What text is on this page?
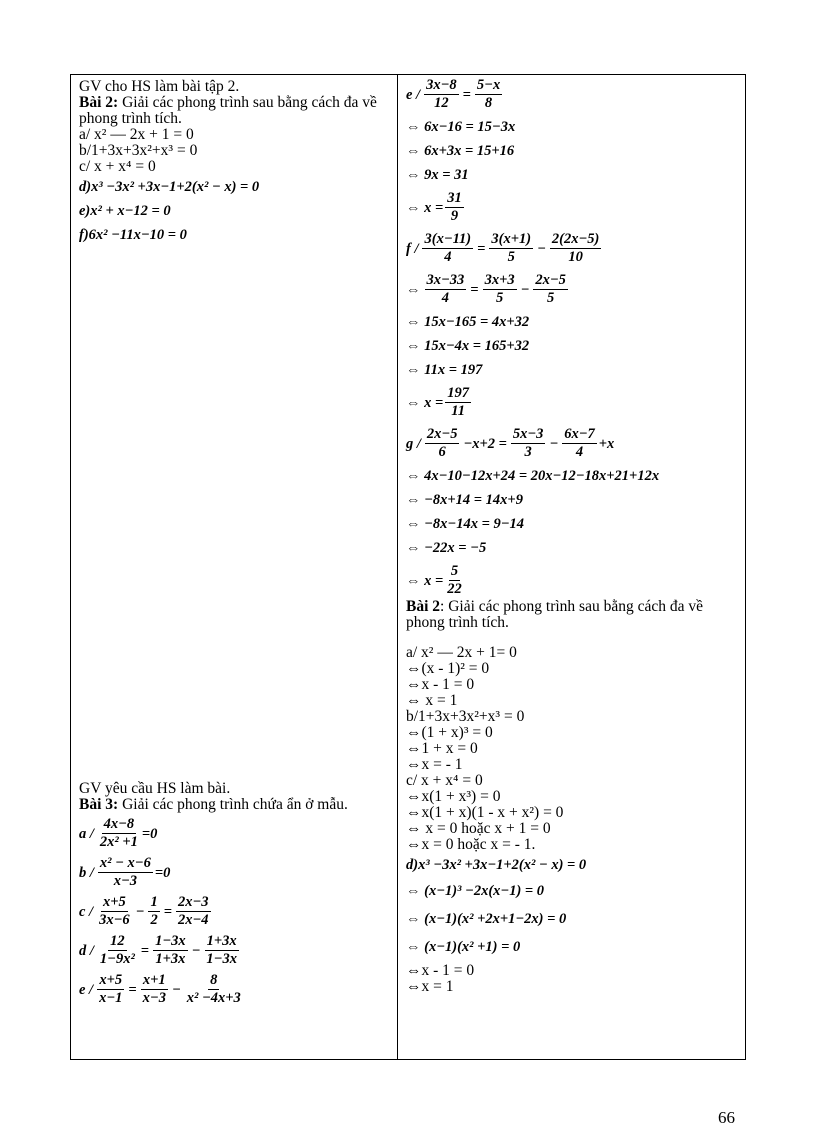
GV cho HS làm bài tập 2.
Bài 2: Giải các phong trình sau bằng cách đa về phong trình tích.
a/ x² — 2x + 1 = 0
b/1+3x+3x²+x³ = 0
c/ x + x⁴ = 0
d)x³ −3x² +3x−1+2(x² − x) = 0
e)x² + x−12 = 0
f)6x² −11x−10 = 0
GV yêu cầu HS làm bài.
Bài 3: Giải các phong trình chứa ẩn ở mẫu.
$a / \frac{4x-8}{\text{2x² +1}} =0$
$b / \frac{\text{x² − x−6}}{x-3} =0$
$c / \frac{x+5}{3x-6} - \frac{1}{2} = \frac{2x-3}{2x-4}$
$d / \frac{12}{\text{1−9x²}} = \frac{1-3x}{1+3x} - \frac{1+3x}{1-3x}$
$e / \frac{x+5}{x-1} = \frac{x+1}{x-3} - \frac{8}{\text{x² −4x+3}}$
$e / \frac{3x-8}{12} = \frac{5-x}{8}$
⇔ 6x−16 = 15−3x
⇔ 6x+3x = 15+16
⇔ 9x = 31
⇔ $x = \frac{31}{9}$
$f / \frac{3(x-11)}{4} = \frac{3(x+1)}{5} - \frac{2(2x-5)}{10}$
⇔ $\frac{3x-33}{4} = \frac{3x+3}{5} - \frac{2x-5}{5}$
⇔ 15x−165 = 4x+32
⇔ 15x−4x = 165+32
⇔ 11x = 197
⇔ $x = \frac{197}{11}$
$g / \frac{2x-5}{6} -x+2 = \frac{5x-3}{3} - \frac{6x-7}{4} +x$
⇔ 4x−10−12x+24 = 20x−12−18x+21+12x
⇔ −8x+14 = 14x+9
⇔ −8x−14x = 9−14
⇔ −22x = −5
⇔ $x = \frac{5}{22}$
Bài 2: Giải các phong trình sau bằng cách đa về phong trình tích.
a/ x² — 2x + 1= 0
⇔(x - 1)² = 0
⇔x - 1 = 0
⇔ x = 1
b/1+3x+3x²+x³ = 0
⇔(1 + x)³ = 0
⇔1 + x = 0
⇔x = - 1
c/ x + x⁴ = 0
⇔x(1 + x³) = 0
⇔x(1 + x)(1 - x + x²) = 0
⇔ x = 0 hoặc x + 1 = 0
⇔x = 0 hoặc x = - 1.
d)x³ −3x² +3x−1+2(x² − x) = 0
⇔ (x−1)³ −2x(x−1) = 0
⇔ (x−1)(x² +2x+1−2x) = 0
⇔ (x−1)(x² +1) = 0
⇔x - 1 = 0
⇔x = 1
66
